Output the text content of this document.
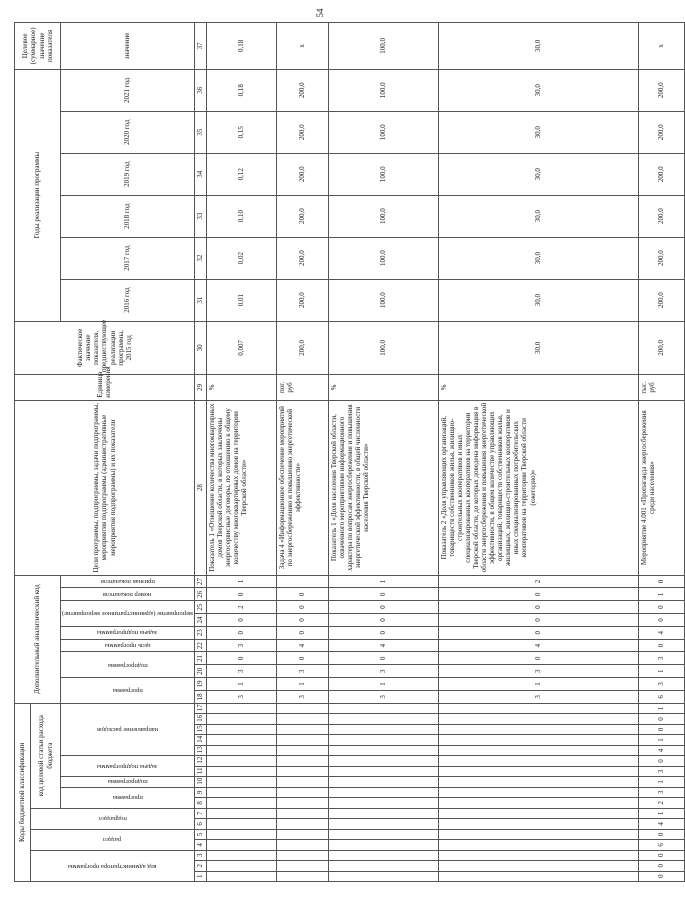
54
Коды бюджетной классификации																	Дополнительный аналитический код										Цели программы, подпрограммы, задачи подпрограммы, мероприятия подпрограммы (административные мероприятия подпрограммы) и их показатели	Единица измерения	Фактическое значение показателя, предшествующее реализации программы, 2015 год	Годы реализации программы						Целевое (суммарное) значение показателя

код администратора программы			раздел		подраздел		код целевой статьи расхода бюджета																													

							программа		подпрограмма	задача подпрограммы		направление расходов					программа		подпрограмма		цель программы	задача подпрограммы	мероприятие (административное мероприятие)		номер показателя	признак показателя				2016 год	2017 год	2018 год	2019 год	2020 год	2021 год	значение

1	2	3	4	5	6	7	8	9	10	11	12	13	14	15	16	17	18	19	20	21	22	23	24	25	26	27	28	29	30	31	32	33	34	35	36	37
																	3	1	3	0	3	0	0	2	0	1	Показатель 1 «Отношение количества многоквартирных домов Тверской области, в которых заключены энергосервисные договоры, по отношению к общему количеству многоквартирных домов на территории Тверской области»	%	0,007	0,01	0,02	0,10	0,12	0,15	0,18	0,18
																	3	1	3	0	4	0	0	0	0		Задача 4 «Информационное обеспечение мероприятий по энергосбережению и повышению энергетической эффективности»	пог. руб	200,0	200,0	200,0	200,0	200,0	200,0	200,0	x
																	3	1	3	0	4	0	0	0	0	1	Показатель 1 «Доля населения Тверской области, охваченного мероприятиями информационного характера по вопросам энергосбережения и повышения энергетической эффективности, в общей численности населения Тверской области»	%	100,0	100,0	100,0	100,0	100,0	100,0	100,0	100,0
																	3	1	3	0	4	0	0	0	0	2	Показатель 2 «Доля управляющих организаций, товариществ собственников жилья, жилищно-строительных кооперативов и иных специализированных кооперативов на территории Тверской области, до которых доведена информация в области энергосбережения и повышения энергетической эффективности, в общем количестве управляющих организаций, товариществ собственников жилья, жилищных, жилищно-строительных кооперативов и иных специализированных потребительских кооперативов на территории Тверской области (ежегодно)»	%	30,0	30,0	30,0	30,0	30,0	30,0	30,0	30,0
0	0	0	6	0	4	1	2	3	1	3	0	4	1	0	0	1	6	3	1	3	0	4	0	0	1	0	Мероприятие 4.001 «Пропаганда энергосбережения среди населения»	тыс. руб	200,0	200,0	200,0	200,0	200,0	200,0	200,0	x
